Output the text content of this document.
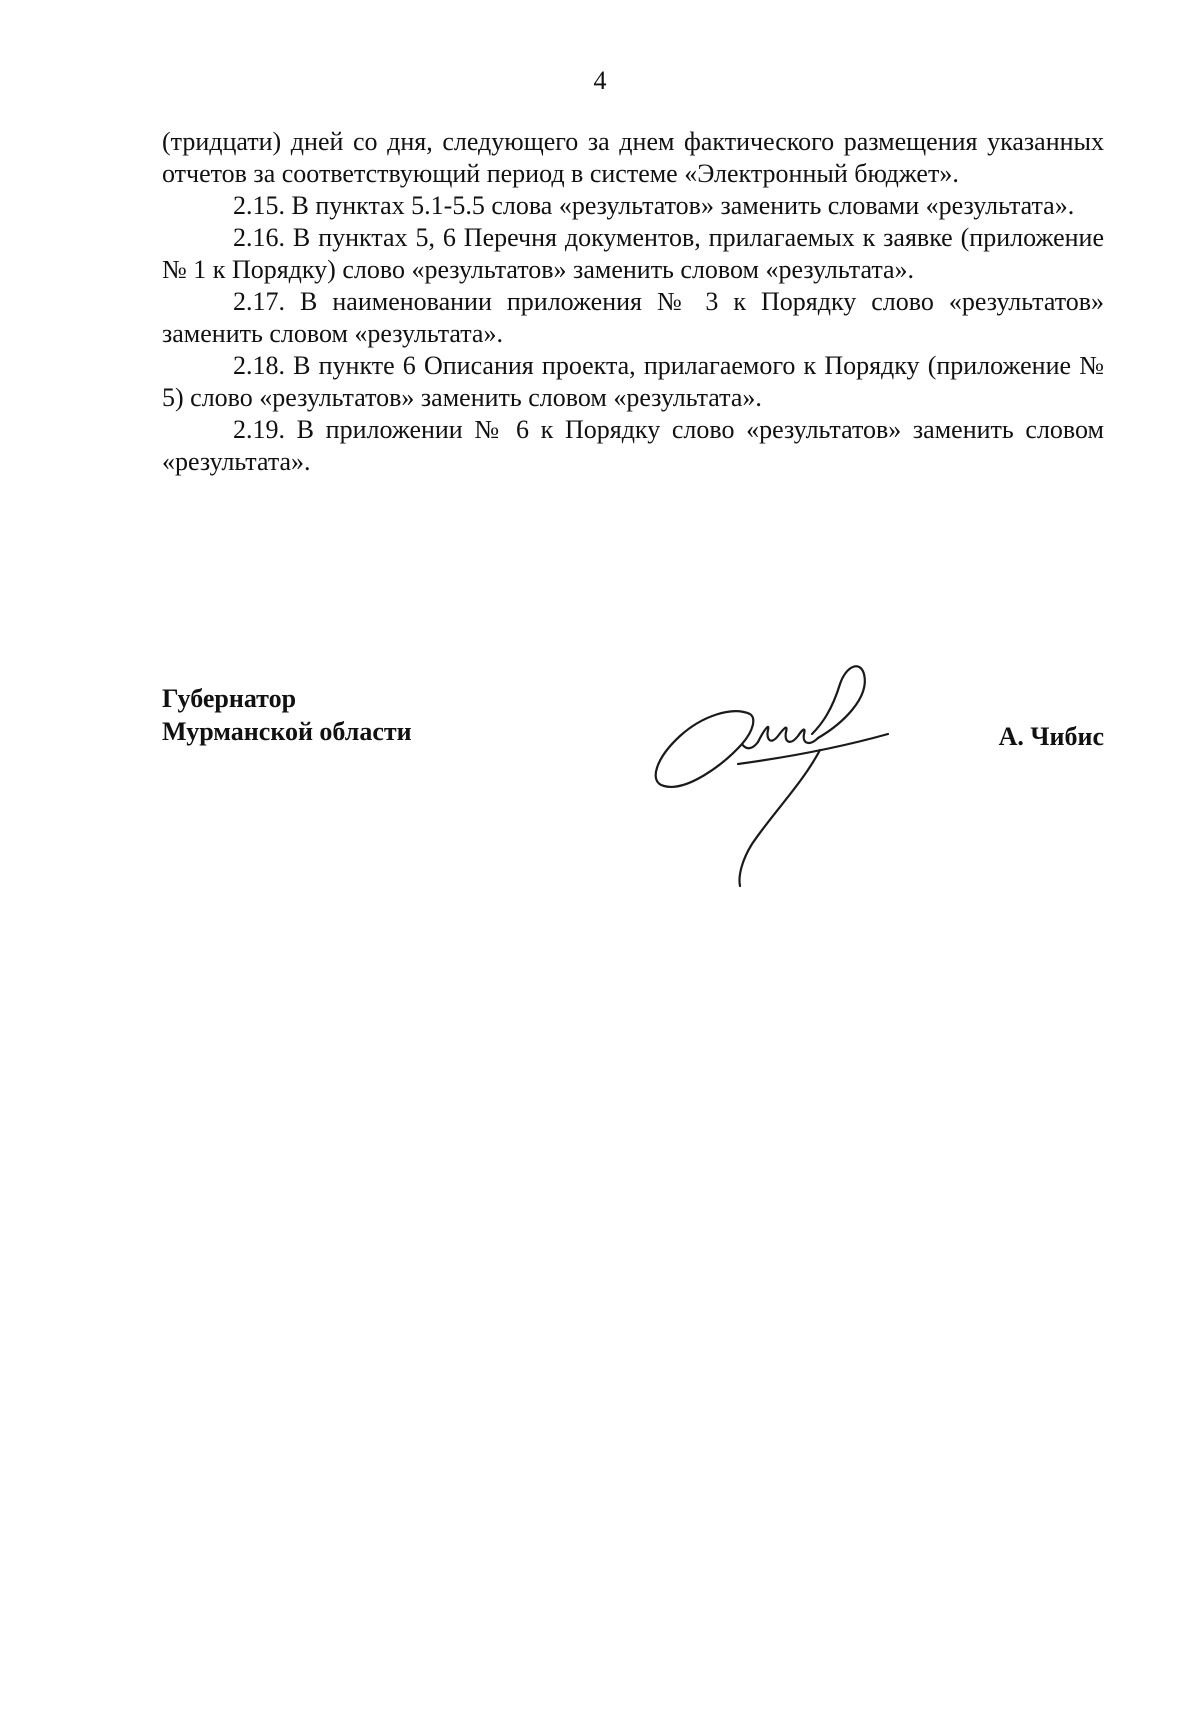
4

(тридцати) дней со дня, следующего за днем фактического размещения указанных отчетов за соответствующий период в системе «Электронный бюджет».

2.15. В пунктах 5.1-5.5 слова «результатов» заменить словами «результата».

2.16. В пунктах 5, 6 Перечня документов, прилагаемых к заявке (приложение № 1 к Порядку) слово «результатов» заменить словом «результата».

2.17. В наименовании приложения № 3 к Порядку слово «результатов» заменить словом «результата».

2.18. В пункте 6 Описания проекта, прилагаемого к Порядку (приложение № 5) слово «результатов» заменить словом «результата».

2.19. В приложении № 6 к Порядку слово «результатов» заменить словом «результата».

Губернатор
Мурманской области	А. Чибис
